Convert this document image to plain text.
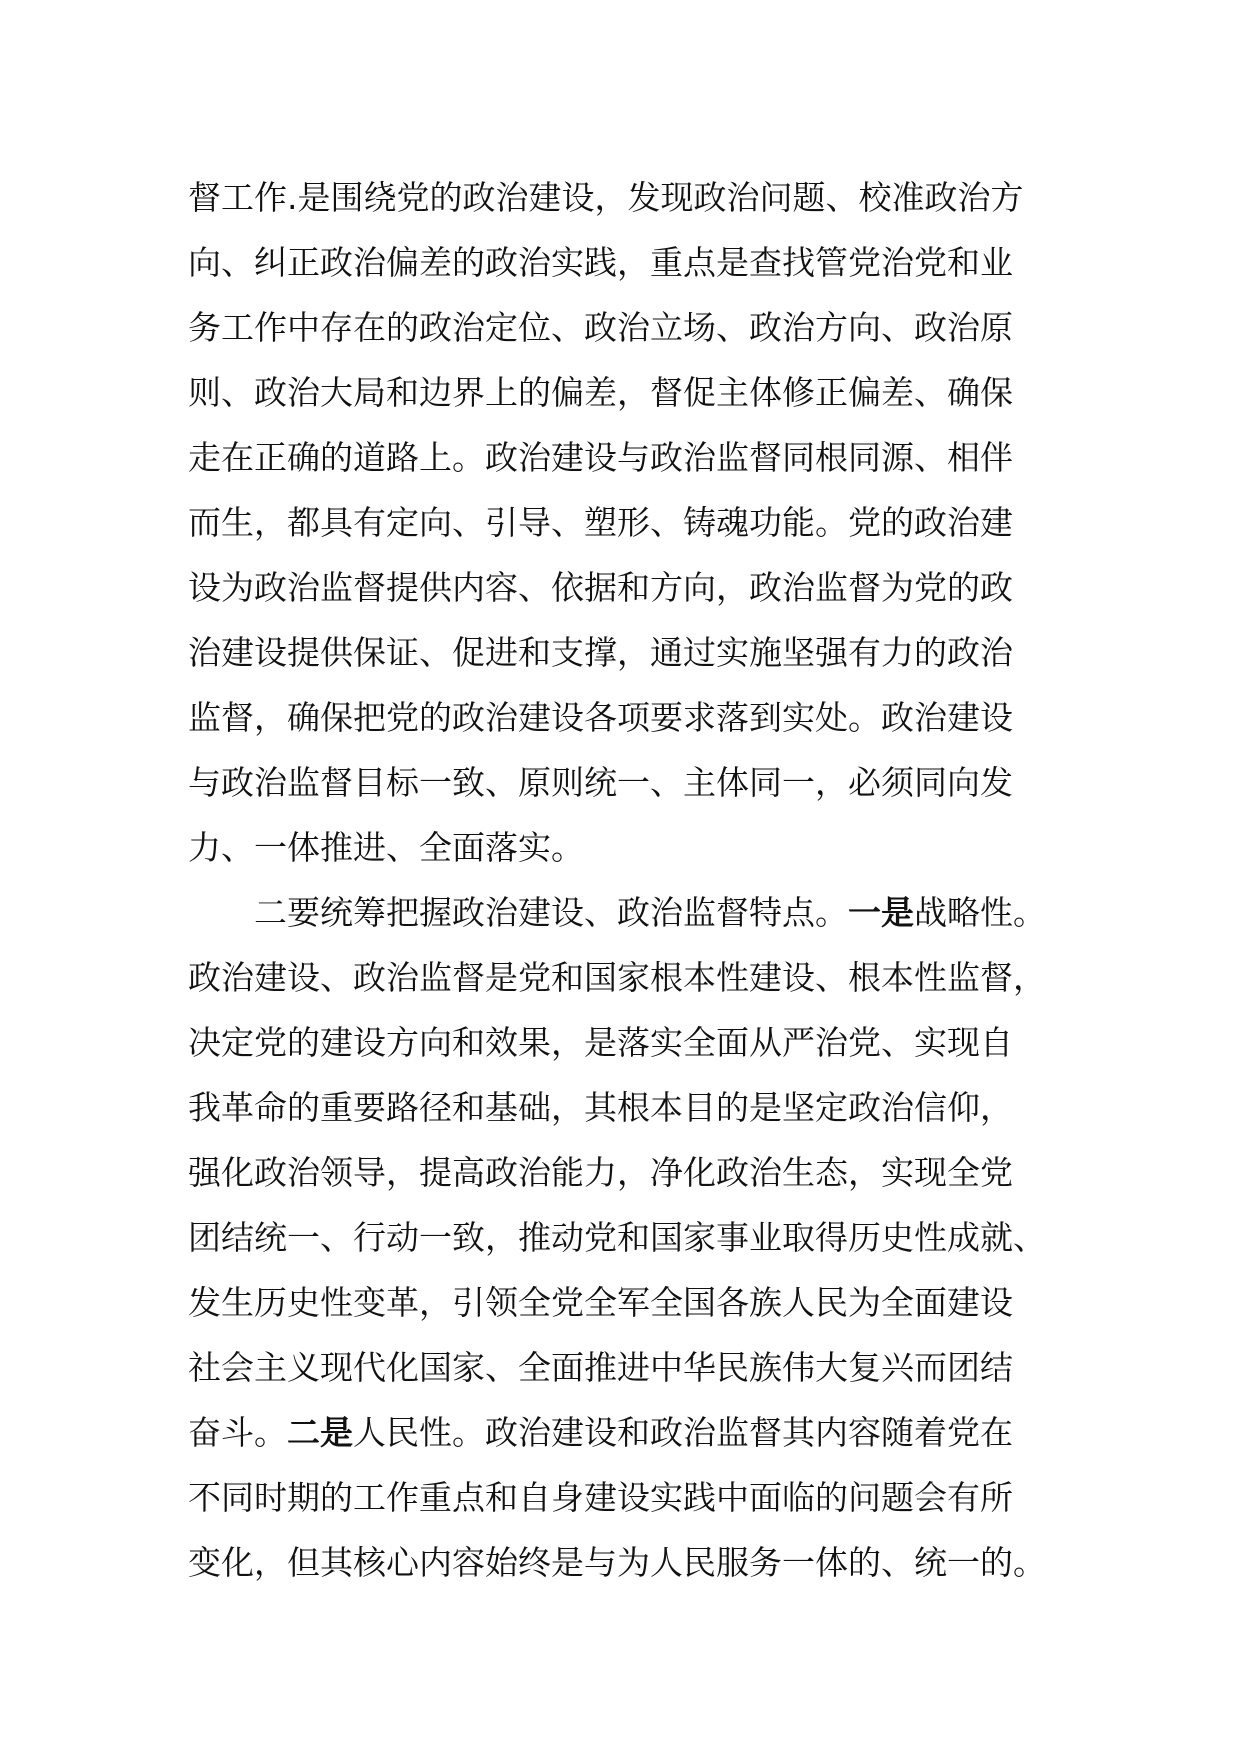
督工作.是围绕党的政治建设，发现政治问题、校准政治方
向、纠正政治偏差的政治实践，重点是查找管党治党和业
务工作中存在的政治定位、政治立场、政治方向、政治原
则、政治大局和边界上的偏差，督促主体修正偏差、确保
走在正确的道路上。政治建设与政治监督同根同源、相伴
而生，都具有定向、引导、塑形、铸魂功能。党的政治建
设为政治监督提供内容、依据和方向，政治监督为党的政
治建设提供保证、促进和支撑，通过实施坚强有力的政治
监督，确保把党的政治建设各项要求落到实处。政治建设
与政治监督目标一致、原则统一、主体同一，必须同向发
力、一体推进、全面落实。
二要统筹把握政治建设、政治监督特点。一是战略性。
政治建设、政治监督是党和国家根本性建设、根本性监督，
决定党的建设方向和效果，是落实全面从严治党、实现自
我革命的重要路径和基础，其根本目的是坚定政治信仰，
强化政治领导，提高政治能力，净化政治生态，实现全党
团结统一、行动一致，推动党和国家事业取得历史性成就、
发生历史性变革，引领全党全军全国各族人民为全面建设
社会主义现代化国家、全面推进中华民族伟大复兴而团结
奋斗。二是人民性。政治建设和政治监督其内容随着党在
不同时期的工作重点和自身建设实践中面临的问题会有所
变化，但其核心内容始终是与为人民服务一体的、统一的。
